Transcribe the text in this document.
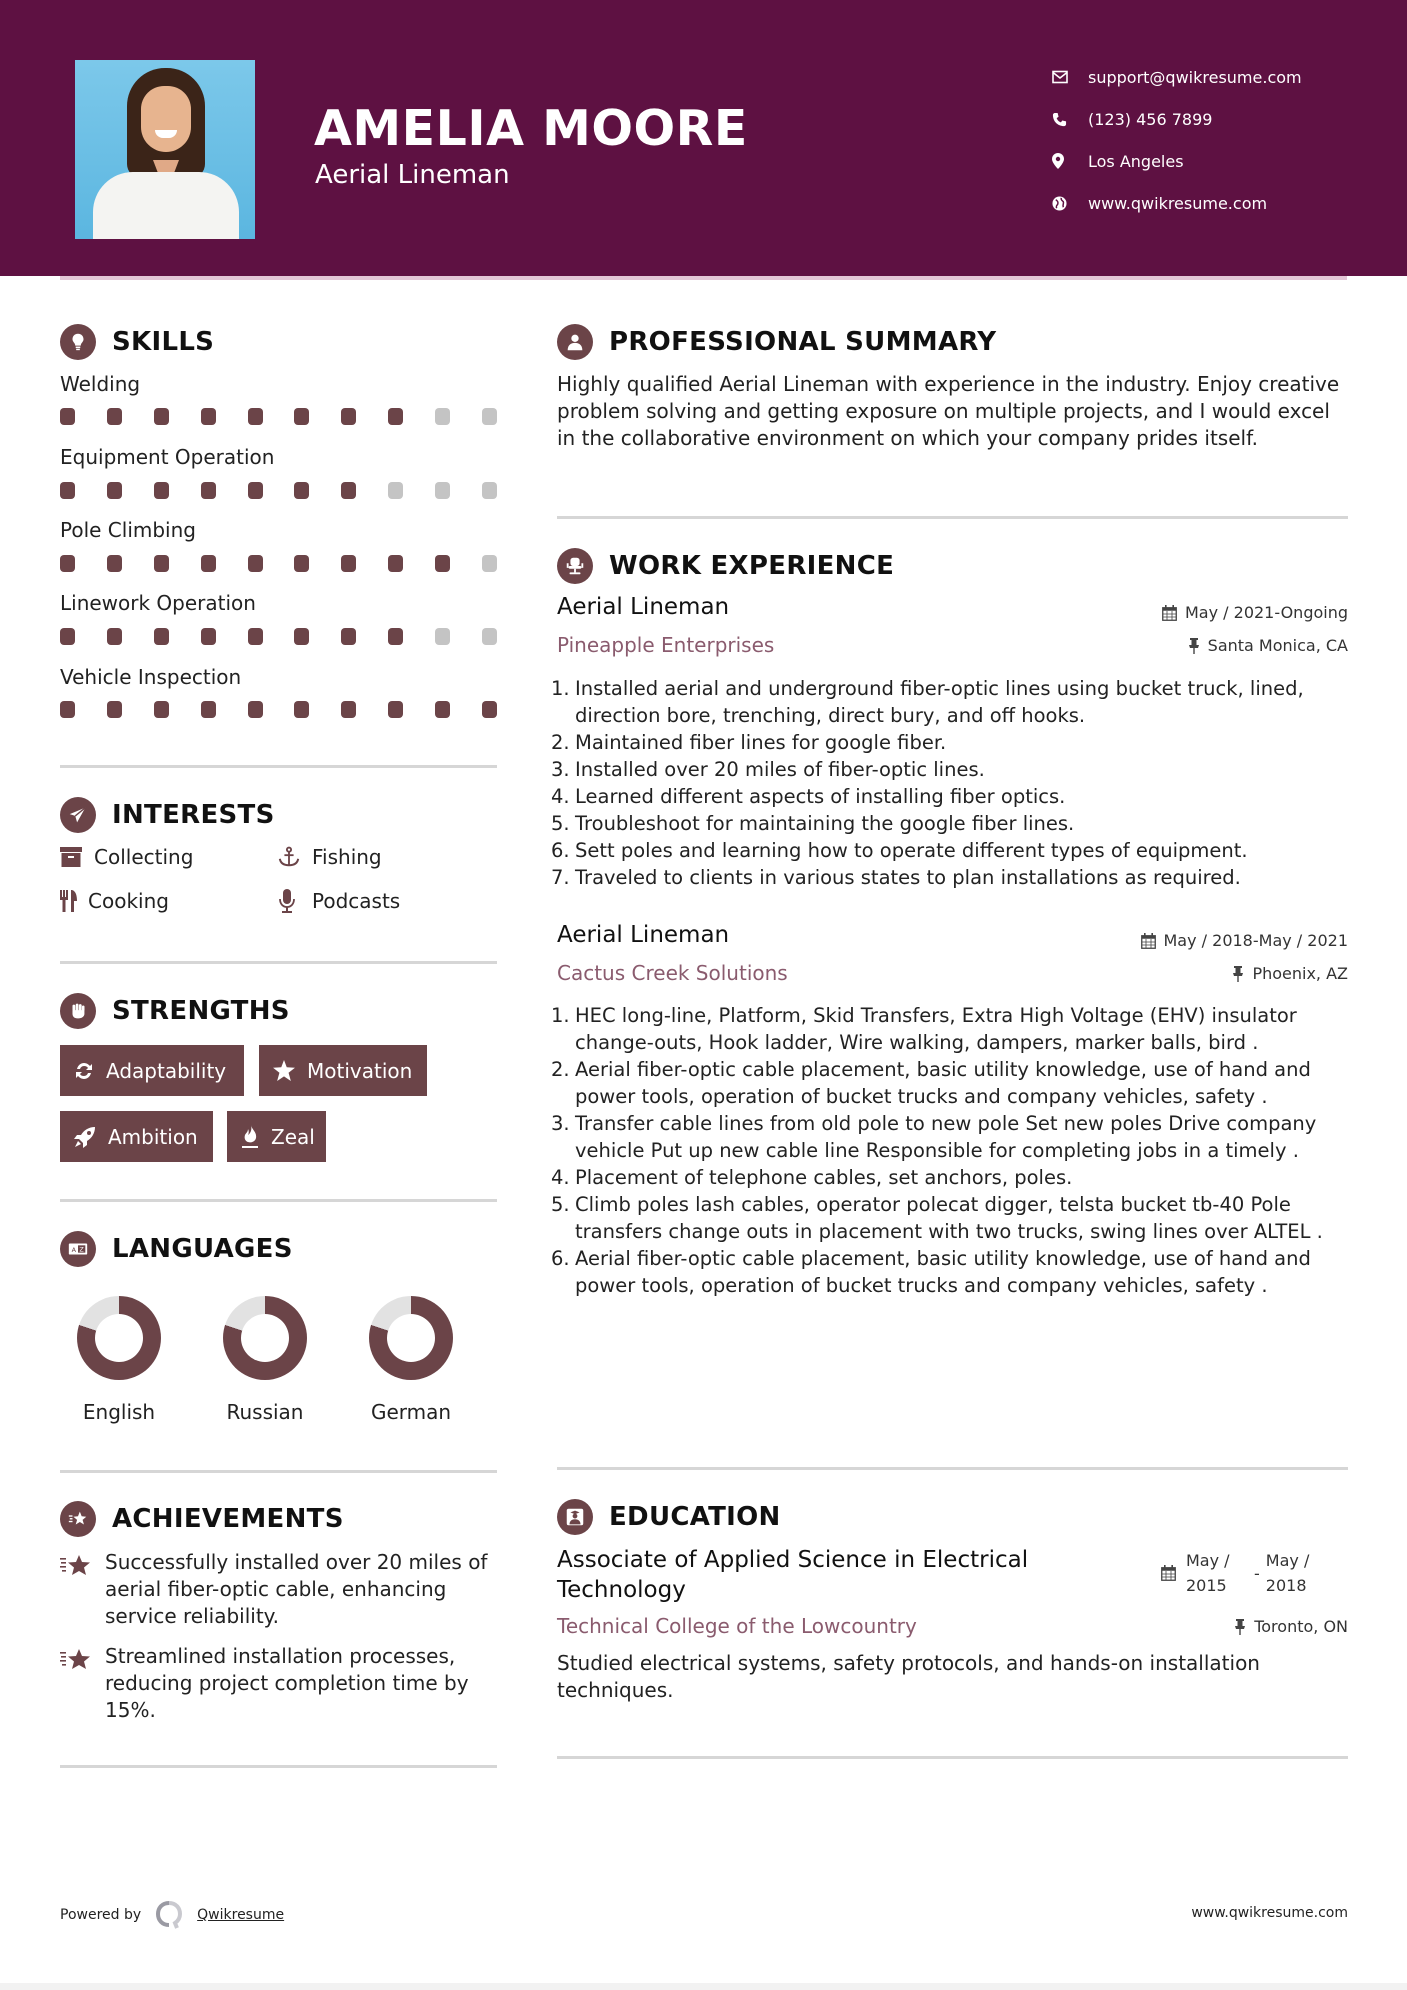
AMELIA MOORE
Aerial Lineman
support@qwikresume.com
(123) 456 7899
Los Angeles
www.qwikresume.com
SKILLS
Welding
Equipment Operation
Pole Climbing
Linework Operation
Vehicle Inspection
INTERESTS
Collecting	Fishing
Cooking	Podcasts
STRENGTHS
Adaptability	Motivation
Ambition	Zeal
A Z LANGUAGES
English	Russian	German
ACHIEVEMENTS
Successfully installed over 20 miles of aerial fiber-optic cable, enhancing service reliability.
Streamlined installation processes, reducing project completion time by 15%.
PROFESSIONAL SUMMARY
Highly qualified Aerial Lineman with experience in the industry. Enjoy creative problem solving and getting exposure on multiple projects, and I would excel in the collaborative environment on which your company prides itself.
WORK EXPERIENCE
Aerial Lineman	May / 2021-Ongoing
Pineapple Enterprises	Santa Monica, CA
1. Installed aerial and underground fiber-optic lines using bucket truck, lined, direction bore, trenching, direct bury, and off hooks.
2. Maintained fiber lines for google fiber.
3. Installed over 20 miles of fiber-optic lines.
4. Learned different aspects of installing fiber optics.
5. Troubleshoot for maintaining the google fiber lines.
6. Sett poles and learning how to operate different types of equipment.
7. Traveled to clients in various states to plan installations as required.
Aerial Lineman	May / 2018-May / 2021
Cactus Creek Solutions	Phoenix, AZ
1. HEC long-line, Platform, Skid Transfers, Extra High Voltage (EHV) insulator change-outs, Hook ladder, Wire walking, dampers, marker balls, bird .
2. Aerial fiber-optic cable placement, basic utility knowledge, use of hand and power tools, operation of bucket trucks and company vehicles, safety .
3. Transfer cable lines from old pole to new pole Set new poles Drive company vehicle Put up new cable line Responsible for completing jobs in a timely .
4. Placement of telephone cables, set anchors, poles.
5. Climb poles lash cables, operator polecat digger, telsta bucket tb-40 Pole transfers change outs in placement with two trucks, swing lines over ALTEL .
6. Aerial fiber-optic cable placement, basic utility knowledge, use of hand and power tools, operation of bucket trucks and company vehicles, safety .
EDUCATION
Associate of Applied Science in Electrical Technology
May / 2015
-
May / 2018
Technical College of the Lowcountry	Toronto, ON
Studied electrical systems, safety protocols, and hands-on installation techniques.
Powered by	Qwikresume	www.qwikresume.com
